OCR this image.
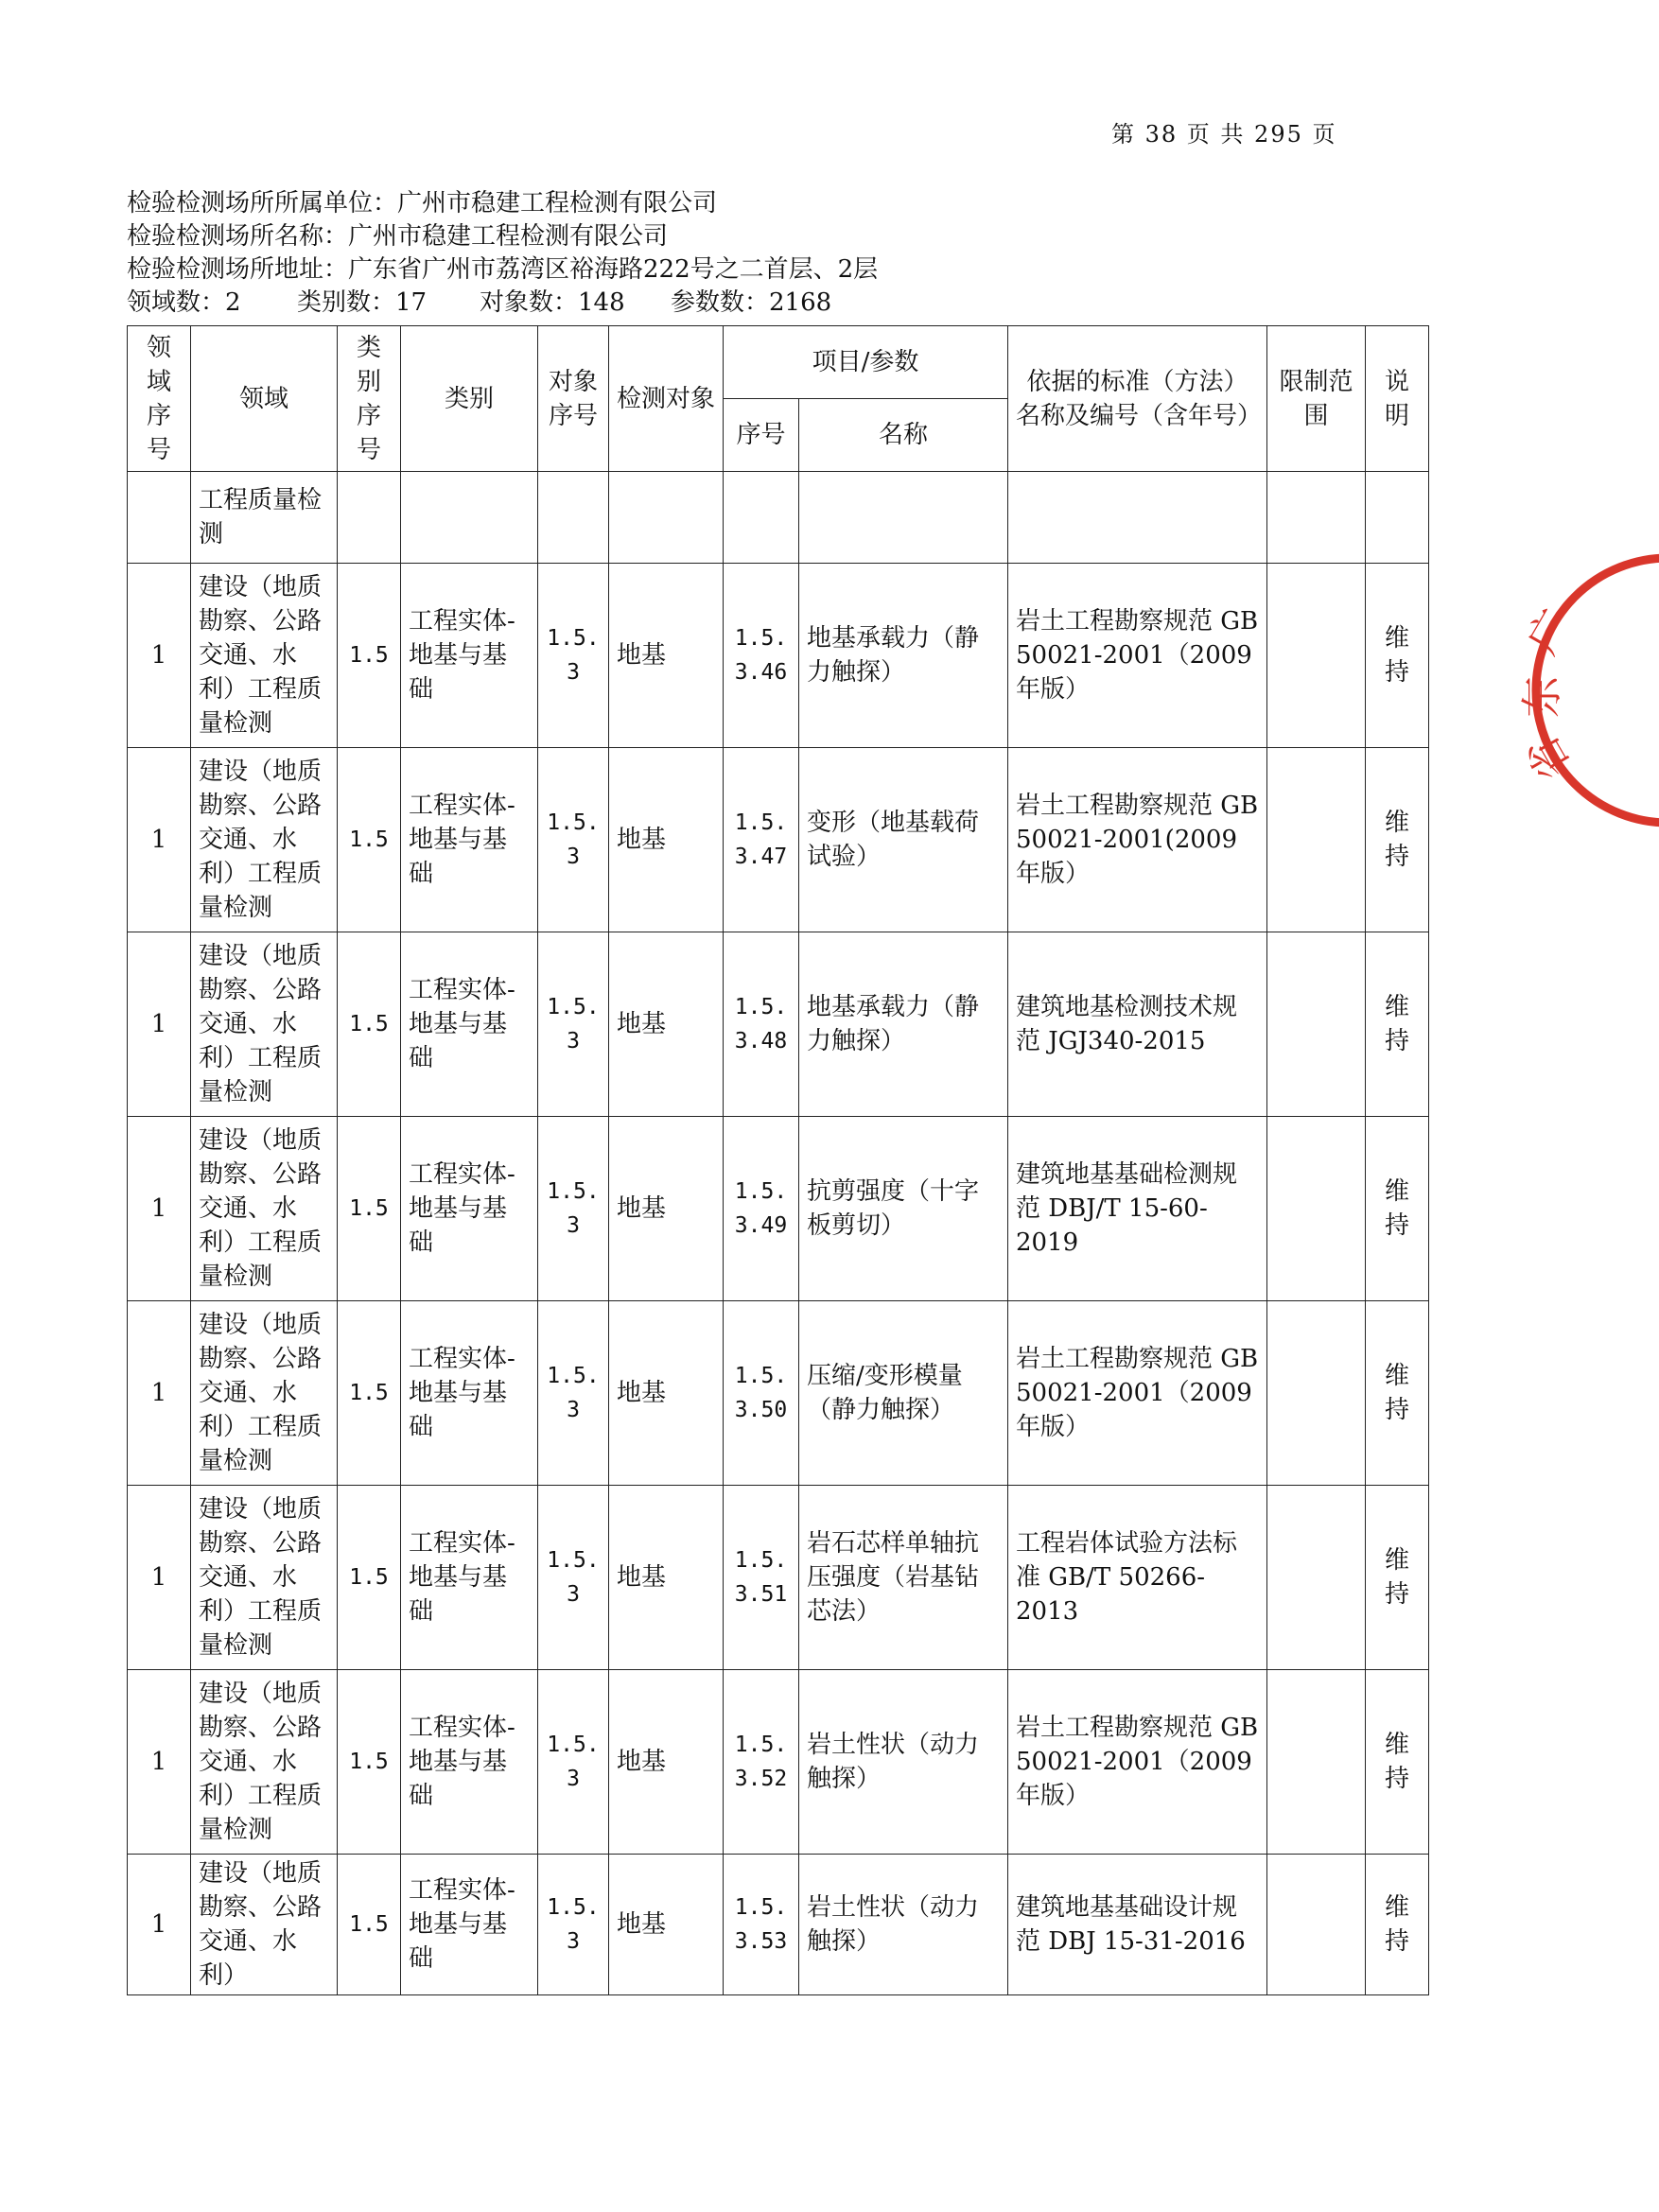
第 38 页 共 295 页
检验检测场所所属单位：广州市稳建工程检测有限公司
检验检测场所名称：广州市稳建工程检测有限公司
检验检测场所地址：广东省广州市荔湾区裕海路222号之二首层、2层
领域数：2 类别数：17 对象数：148 参数数：2168
领域序号	领域	类别序号	类别	对象序号	检测对象	项目/参数		依据的标准（方法）名称及编号（含年号）	限制范围	说明
						序号	名称			
	工程质量检测									
1	建设（地质勘察、公路交通、水利）工程质量检测	1.5	工程实体-地基与基础	1.5.3	地基	1.5.3.46	地基承载力（静力触探）	岩土工程勘察规范 GB 50021-2001（2009 年版）		维持
1	建设（地质勘察、公路交通、水利）工程质量检测	1.5	工程实体-地基与基础	1.5.3	地基	1.5.3.47	变形（地基载荷试验）	岩土工程勘察规范 GB 50021-2001(2009 年版）		维持
1	建设（地质勘察、公路交通、水利）工程质量检测	1.5	工程实体-地基与基础	1.5.3	地基	1.5.3.48	地基承载力（静力触探）	建筑地基检测技术规范 JGJ340-2015		维持
1	建设（地质勘察、公路交通、水利）工程质量检测	1.5	工程实体-地基与基础	1.5.3	地基	1.5.3.49	抗剪强度（十字板剪切）	建筑地基基础检测规范 DBJ/T 15-60-2019		维持
1	建设（地质勘察、公路交通、水利）工程质量检测	1.5	工程实体-地基与基础	1.5.3	地基	1.5.3.50	压缩/变形模量（静力触探）	岩土工程勘察规范 GB 50021-2001（2009 年版）		维持
1	建设（地质勘察、公路交通、水利）工程质量检测	1.5	工程实体-地基与基础	1.5.3	地基	1.5.3.51	岩石芯样单轴抗压强度（岩基钻芯法）	工程岩体试验方法标准 GB/T 50266-2013		维持
1	建设（地质勘察、公路交通、水利）工程质量检测	1.5	工程实体-地基与基础	1.5.3	地基	1.5.3.52	岩土性状（动力触探）	岩土工程勘察规范 GB 50021-2001（2009 年版）		维持
1	建设（地质勘察、公路交通、水利）	1.5	工程实体-地基与基础	1.5.3	地基	1.5.3.53	岩土性状（动力触探）	建筑地基基础设计规范 DBJ 15-31-2016		维持
广
东
省
